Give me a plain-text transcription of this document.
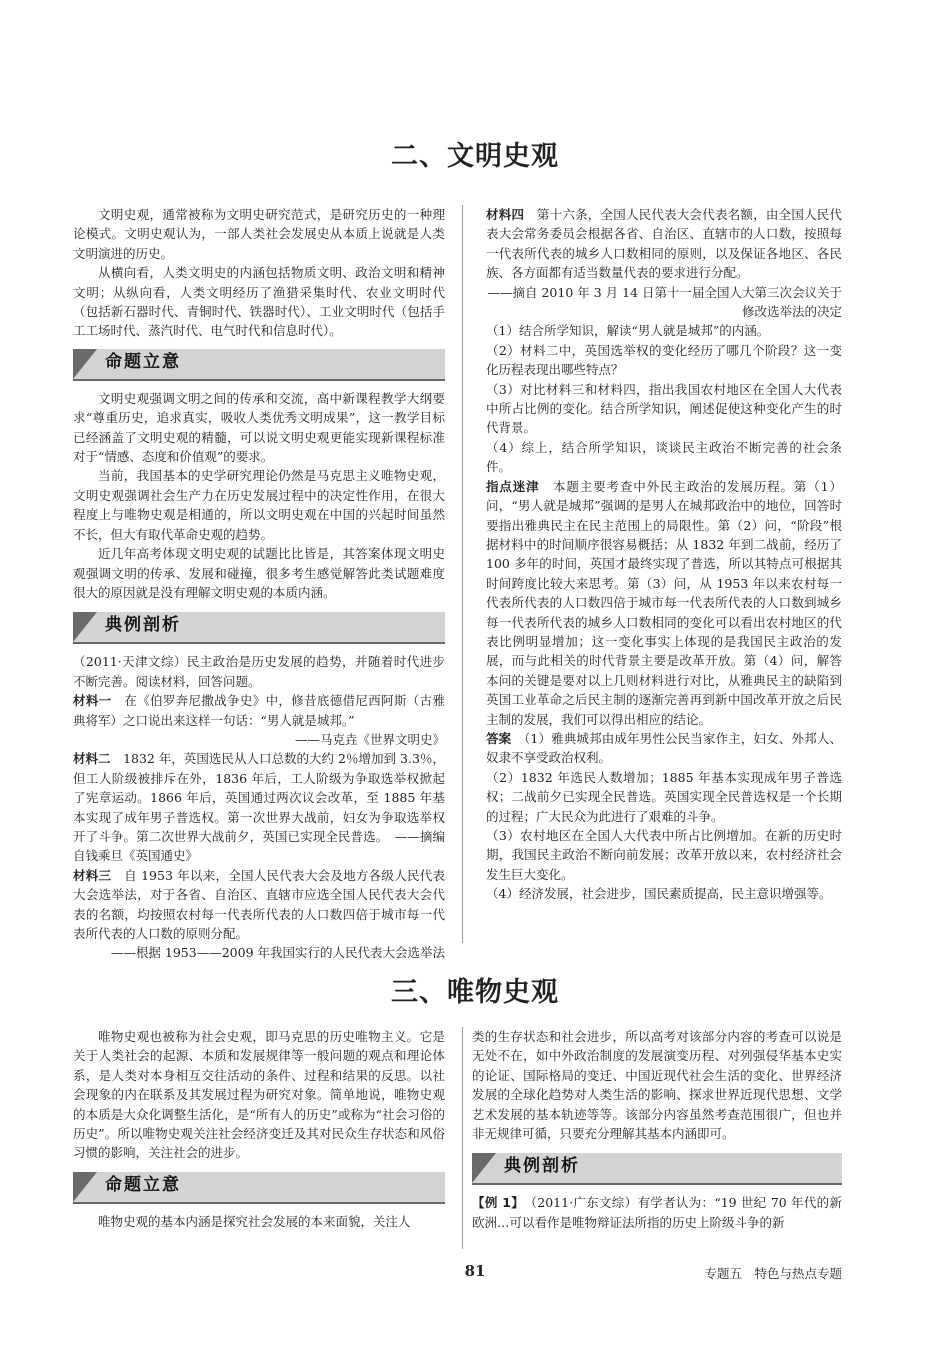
二、文明史观

文明史观，通常被称为文明史研究范式，是研究历史的一种理论模式。文明史观认为，一部人类社会发展史从本质上说就是人类文明演进的历史。

从横向看，人类文明史的内涵包括物质文明、政治文明和精神文明；从纵向看，人类文明经历了渔猎采集时代、农业文明时代（包括新石器时代、青铜时代、铁器时代）、工业文明时代（包括手工工场时代、蒸汽时代、电气时代和信息时代）。

命题立意

文明史观强调文明之间的传承和交流，高中新课程教学大纲要求“尊重历史，追求真实，吸收人类优秀文明成果”，这一教学目标已经涵盖了文明史观的精髓，可以说文明史观更能实现新课程标准对于“情感、态度和价值观”的要求。

当前，我国基本的史学研究理论仍然是马克思主义唯物史观，文明史观强调社会生产力在历史发展过程中的决定性作用，在很大程度上与唯物史观是相通的，所以文明史观在中国的兴起时间虽然不长，但大有取代革命史观的趋势。

近几年高考体现文明史观的试题比比皆是，其答案体现文明史观强调文明的传承、发展和碰撞，很多考生感觉解答此类试题难度很大的原因就是没有理解文明史观的本质内涵。

典例剖析

（2011·天津文综）民主政治是历史发展的趋势，并随着时代进步不断完善。阅读材料，回答问题。

材料一　 在《伯罗奔尼撒战争史》中，修昔底德借尼西阿斯（古雅典将军）之口说出来这样一句话：“男人就是城邦。”

——马克垚《世界文明史》

材料二　 1832 年，英国选民从人口总数的大约 2％增加到 3.3％，但工人阶级被排斥在外，1836 年后，工人阶级为争取选举权掀起了宪章运动。1866 年后，英国通过两次议会改革，至 1885 年基本实现了成年男子普选权。第一次世界大战前，妇女为争取选举权开了斗争。第二次世界大战前夕，英国已实现全民普选。　——摘编自钱乘旦《英国通史》

材料三　 自 1953 年以来，全国人民代表大会及地方各级人民代表大会选举法，对于各省、自治区、直辖市应选全国人民代表大会代表的名额，均按照农村每一代表所代表的人口数四倍于城市每一代表所代表的人口数的原则分配。

——根据 1953——2009 年我国实行的人民代表大会选举法

材料四　 第十六条，全国人民代表大会代表名额，由全国人民代表大会常务委员会根据各省、自治区、直辖市的人口数，按照每一代表所代表的城乡人口数相同的原则，以及保证各地区、各民族、各方面都有适当数量代表的要求进行分配。

——摘自 2010 年 3 月 14 日第十一届全国人大第三次会议关于修改选举法的决定

（1）结合所学知识，解读“男人就是城邦”的内涵。

（2）材料二中，英国选举权的变化经历了哪几个阶段？这一变化历程表现出哪些特点？

（3）对比材料三和材料四，指出我国农村地区在全国人大代表中所占比例的变化。结合所学知识，阐述促使这种变化产生的时代背景。

（4）综上，结合所学知识，谈谈民主政治不断完善的社会条件。

指点迷津　 本题主要考查中外民主政治的发展历程。第（1）问，“男人就是城邦”强调的是男人在城邦政治中的地位，回答时要指出雅典民主在民主范围上的局限性。第（2）问，“阶段”根据材料中的时间顺序很容易概括；从 1832 年到二战前，经历了 100 多年的时间，英国才最终实现了普选，所以其特点可根据其时间跨度比较大来思考。第（3）问，从 1953 年以来农村每一代表所代表的人口数四倍于城市每一代表所代表的人口数到城乡每一代表所代表的城乡人口数相同的变化可以看出农村地区的代表比例明显增加；这一变化事实上体现的是我国民主政治的发展，而与此相关的时代背景主要是改革开放。第（4）问，解答本问的关键是要对以上几则材料进行对比，从雅典民主的缺陷到英国工业革命之后民主制的逐渐完善再到新中国改革开放之后民主制的发展，我们可以得出相应的结论。

答案　 （1）雅典城邦由成年男性公民当家作主，妇女、外邦人、奴隶不享受政治权利。

（2）1832 年选民人数增加；1885 年基本实现成年男子普选权；二战前夕已实现全民普选。英国实现全民普选权是一个长期的过程；广大民众为此进行了艰难的斗争。

（3）农村地区在全国人大代表中所占比例增加。在新的历史时期，我国民主政治不断向前发展；改革开放以来，农村经济社会发生巨大变化。

（4）经济发展，社会进步，国民素质提高，民主意识增强等。

三、唯物史观

唯物史观也被称为社会史观，即马克思的历史唯物主义。它是关于人类社会的起源、本质和发展规律等一般问题的观点和理论体系，是人类对本身相互交往活动的条件、过程和结果的反思。以社会现象的内在联系及其发展过程为研究对象。简单地说，唯物史观的本质是大众化调整生活化，是“所有人的历史”或称为“社会习俗的历史”。所以唯物史观关注社会经济变迁及其对民众生存状态和风俗习惯的影响，关注社会的进步。

命题立意

唯物史观的基本内涵是探究社会发展的本来面貌，关注人

类的生存状态和社会进步，所以高考对该部分内容的考查可以说是无处不在，如中外政治制度的发展演变历程、对列强侵华基本史实的论证、国际格局的变迁、中国近现代社会生活的变化、世界经济发展的全球化趋势对人类生活的影响、探求世界近现代思想、文学艺术发展的基本轨迹等等。该部分内容虽然考查范围很广，但也并非无规律可循，只要充分理解其基本内涵即可。

典例剖析

【例 1】　 （2011·广东文综）有学者认为：“19 世纪 70 年代的新欧洲…可以看作是唯物辩证法所指的历史上阶级斗争的新

81	专题五　特色与热点专题
